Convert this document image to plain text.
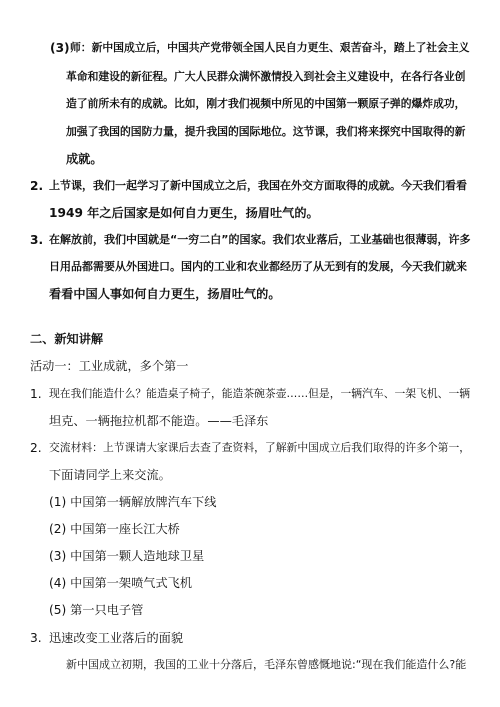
(3) 师：新中国成立后，中国共产党带领全国人民自力更生、艰苦奋斗，踏上了社会主义
革命和建设的新征程。广大人民群众满怀激情投入到社会主义建设中，在各行各业创
造了前所未有的成就。比如，刚才我们视频中所见的中国第一颗原子弹的爆炸成功，
加强了我国的国防力量，提升我国的国际地位。这节课，我们将来探究中国取得的新
成就。
2. 上节课，我们一起学习了新中国成立之后，我国在外交方面取得的成就。今天我们看看
1949 年之后国家是如何自力更生，扬眉吐气的。
3. 在解放前，我们中国就是“一穷二白”的国家。我们农业落后，工业基础也很薄弱，许多
日用品都需要从外国进口。国内的工业和农业都经历了从无到有的发展，今天我们就来
看看中国人事如何自力更生，扬眉吐气的。
二、新知讲解
活动一：工业成就，多个第一
1. 现在我们能造什么？能造桌子椅子，能造茶碗茶壶……但是，一辆汽车、一架飞机、一辆
坦克、一辆拖拉机都不能造。——毛泽东
2. 交流材料：上节课请大家课后去查了查资料，了解新中国成立后我们取得的许多个第一，
下面请同学上来交流。
(1) 中国第一辆解放牌汽车下线
(2) 中国第一座长江大桥
(3) 中国第一颗人造地球卫星
(4) 中国第一架喷气式飞机
(5) 第一只电子管
3. 迅速改变工业落后的面貌
新中国成立初期，我国的工业十分落后，毛泽东曾感慨地说:“现在我们能造什么?能
